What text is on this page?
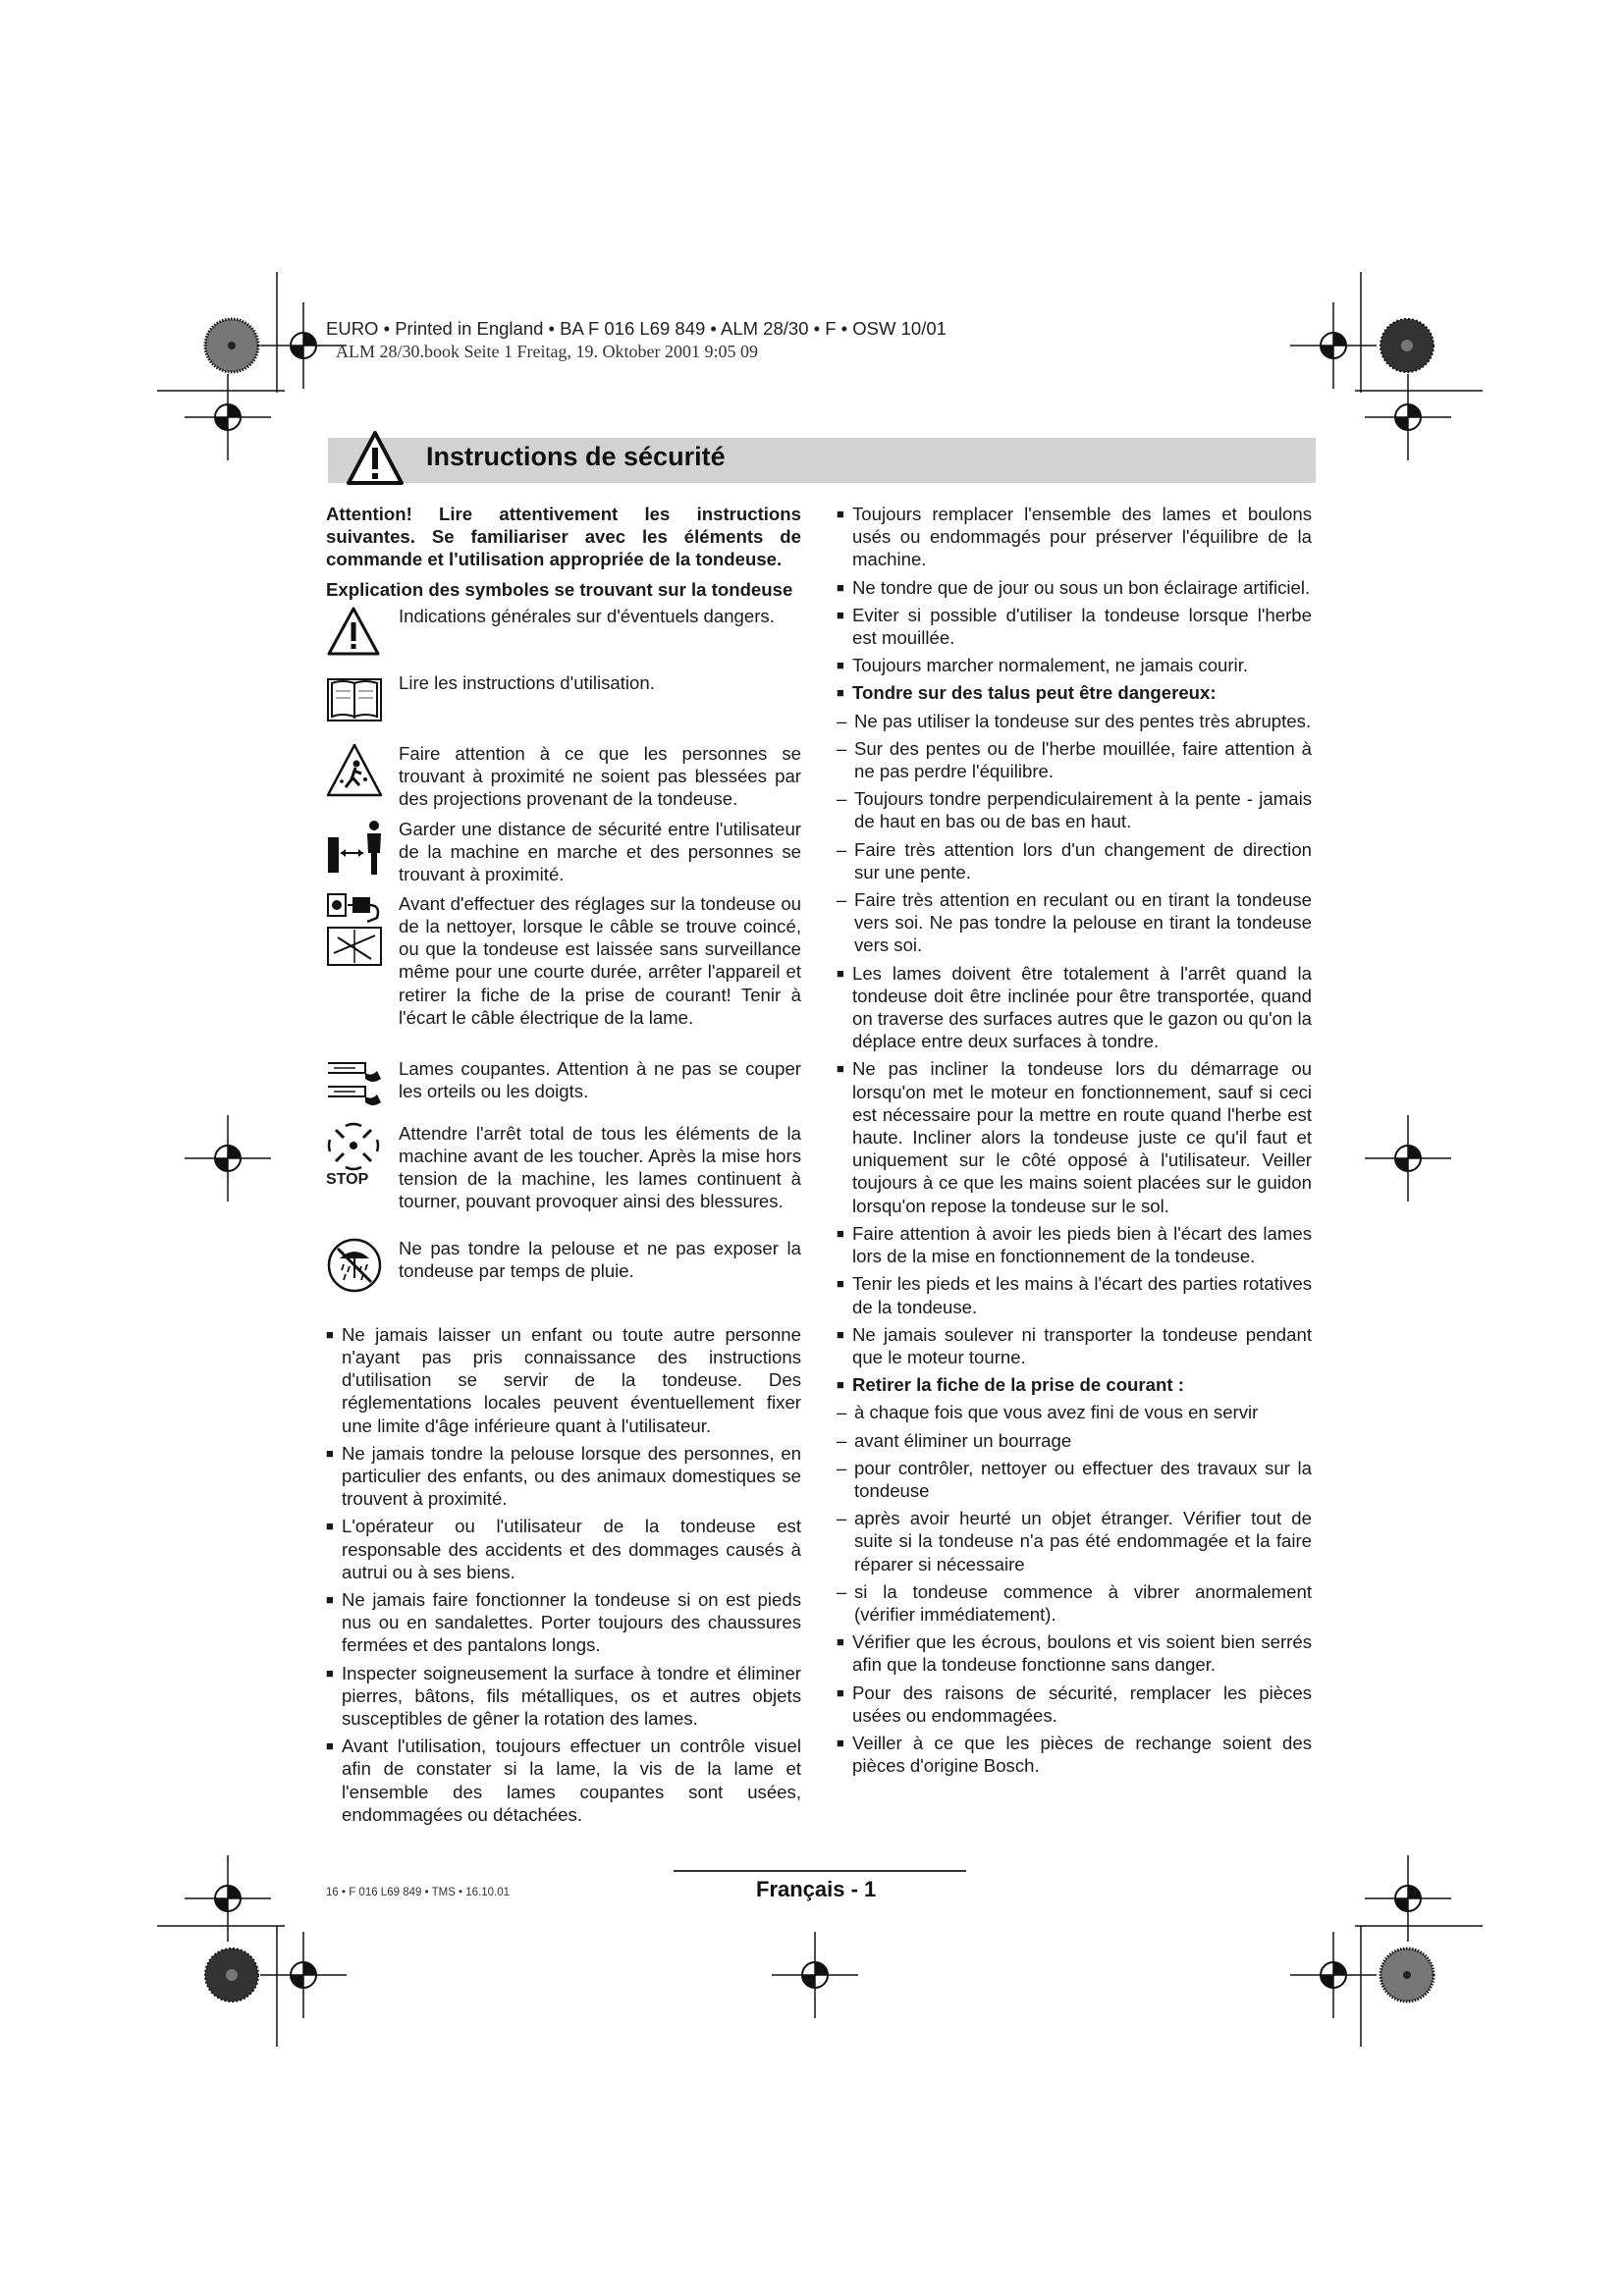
EURO • Printed in England • BA F 016 L69 849 • ALM 28/30 • F • OSW 10/01
ALM 28/30.book Seite 1 Freitag, 19. Oktober 2001 9:05 09
Instructions de sécurité

Attention! Lire attentivement les instructions suivantes. Se familiariser avec les éléments de commande et l'utilisation appropriée de la tondeuse.

Explication des symboles se trouvant sur la tondeuse

Indications générales sur d'éventuels dangers.
Lire les instructions d'utilisation.
Faire attention à ce que les personnes se trouvant à proximité ne soient pas blessées par des projections provenant de la tondeuse.
Garder une distance de sécurité entre l'utilisateur de la machine en marche et des personnes se trouvant à proximité.
Avant d'effectuer des réglages sur la tondeuse ou de la nettoyer, lorsque le câble se trouve coincé, ou que la tondeuse est laissée sans surveillance même pour une courte durée, arrêter l'appareil et retirer la fiche de la prise de courant! Tenir à l'écart le câble électrique de la lame.
Lames coupantes. Attention à ne pas se couper les orteils ou les doigts.
STOP
Attendre l'arrêt total de tous les éléments de la machine avant de les toucher. Après la mise hors tension de la machine, les lames continuent à tourner, pouvant provoquer ainsi des blessures.
Ne pas tondre la pelouse et ne pas exposer la tondeuse par temps de pluie.
■ Ne jamais laisser un enfant ou toute autre personne n'ayant pas pris connaissance des instructions d'utilisation se servir de la tondeuse. Des réglementations locales peuvent éventuellement fixer une limite d'âge inférieure quant à l'utilisateur.
■ Ne jamais tondre la pelouse lorsque des personnes, en particulier des enfants, ou des animaux domestiques se trouvent à proximité.
■ L'opérateur ou l'utilisateur de la tondeuse est responsable des accidents et des dommages causés à autrui ou à ses biens.
■ Ne jamais faire fonctionner la tondeuse si on est pieds nus ou en sandalettes. Porter toujours des chaussures fermées et des pantalons longs.
■ Inspecter soigneusement la surface à tondre et éliminer pierres, bâtons, fils métalliques, os et autres objets susceptibles de gêner la rotation des lames.
■ Avant l'utilisation, toujours effectuer un contrôle visuel afin de constater si la lame, la vis de la lame et l'ensemble des lames coupantes sont usées, endommagées ou détachées.
■ Toujours remplacer l'ensemble des lames et boulons usés ou endommagés pour préserver l'équilibre de la machine.
■ Ne tondre que de jour ou sous un bon éclairage artificiel.
■ Eviter si possible d'utiliser la tondeuse lorsque l'herbe est mouillée.
■ Toujours marcher normalement, ne jamais courir.
■ Tondre sur des talus peut être dangereux:
– Ne pas utiliser la tondeuse sur des pentes très abruptes.
– Sur des pentes ou de l'herbe mouillée, faire attention à ne pas perdre l'équilibre.
– Toujours tondre perpendiculairement à la pente - jamais de haut en bas ou de bas en haut.
– Faire très attention lors d'un changement de direction sur une pente.
– Faire très attention en reculant ou en tirant la tondeuse vers soi. Ne pas tondre la pelouse en tirant la tondeuse vers soi.
■ Les lames doivent être totalement à l'arrêt quand la tondeuse doit être inclinée pour être transportée, quand on traverse des surfaces autres que le gazon ou qu'on la déplace entre deux surfaces à tondre.
■ Ne pas incliner la tondeuse lors du démarrage ou lorsqu'on met le moteur en fonctionnement, sauf si ceci est nécessaire pour la mettre en route quand l'herbe est haute. Incliner alors la tondeuse juste ce qu'il faut et uniquement sur le côté opposé à l'utilisateur. Veiller toujours à ce que les mains soient placées sur le guidon lorsqu'on repose la tondeuse sur le sol.
■ Faire attention à avoir les pieds bien à l'écart des lames lors de la mise en fonctionnement de la tondeuse.
■ Tenir les pieds et les mains à l'écart des parties rotatives de la tondeuse.
■ Ne jamais soulever ni transporter la tondeuse pendant que le moteur tourne.
■ Retirer la fiche de la prise de courant :
– à chaque fois que vous avez fini de vous en servir
– avant éliminer un bourrage
– pour contrôler, nettoyer ou effectuer des travaux sur la tondeuse
– après avoir heurté un objet étranger. Vérifier tout de suite si la tondeuse n'a pas été endommagée et la faire réparer si nécessaire
– si la tondeuse commence à vibrer anormalement (vérifier immédiatement).
■ Vérifier que les écrous, boulons et vis soient bien serrés afin que la tondeuse fonctionne sans danger.
■ Pour des raisons de sécurité, remplacer les pièces usées ou endommagées.
■ Veiller à ce que les pièces de rechange soient des pièces d'origine Bosch.
16 • F 016 L69 849 • TMS • 16.10.01	Français - 1
